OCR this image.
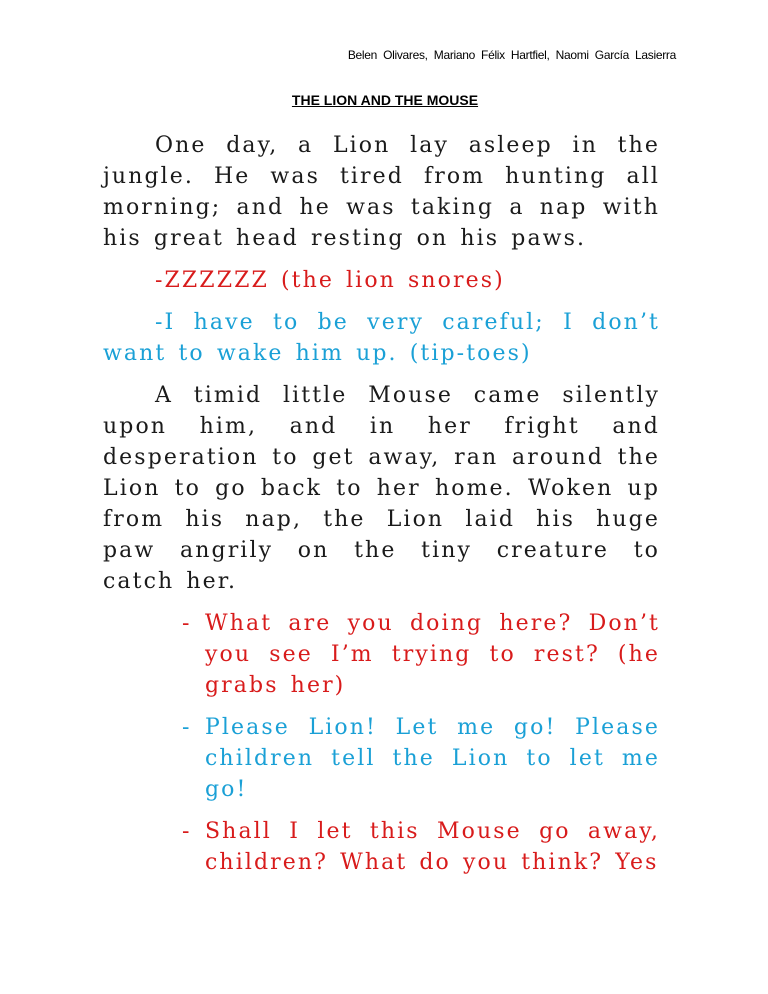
Belen Olivares, Mariano Félix Hartfiel, Naomi García Lasierra

THE LION AND THE MOUSE

One day, a Lion lay asleep in the jungle. He was tired from hunting all morning; and he was taking a nap with his great head resting on his paws.

-ZZZZZZ (the lion snores)

-I have to be very careful; I don’t want to wake him up. (tip-toes)

A timid little Mouse came silently upon him, and in her fright and desperation to get away, ran around the Lion to go back to her home. Woken up from his nap, the Lion laid his huge paw angrily on the tiny creature to catch her.

- What are you doing here? Don’t you see I’m trying to rest? (he grabs her)

- Please Lion! Let me go! Please children tell the Lion to let me go!

- Shall I let this Mouse go away, children? What do you think? Yes
